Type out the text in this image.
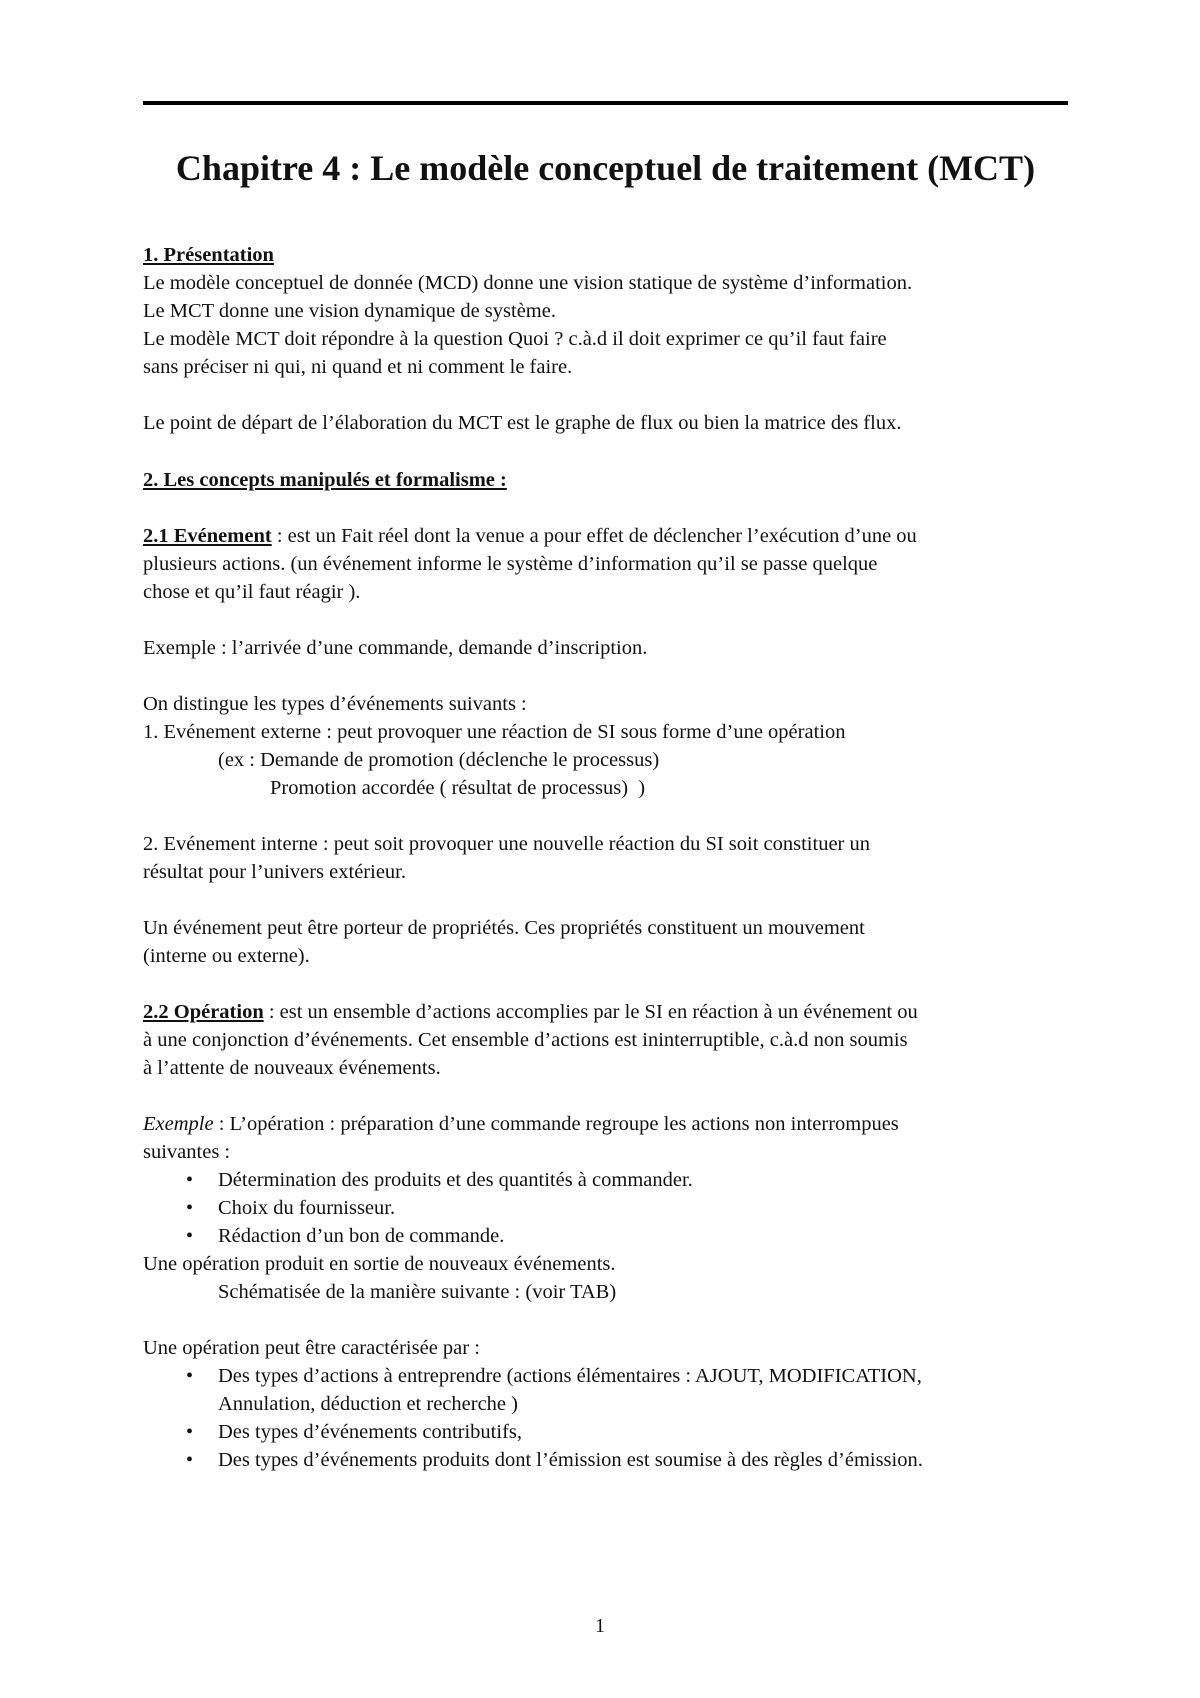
Chapitre 4 : Le modèle conceptuel de traitement (MCT)
1. Présentation
Le modèle conceptuel de donnée (MCD) donne une vision statique de système d’information.
Le MCT donne une vision dynamique de système.
Le modèle MCT doit répondre à la question Quoi ? c.à.d il doit exprimer ce qu’il faut faire
sans préciser ni qui, ni quand et ni comment le faire.
Le point de départ de l’élaboration du MCT est le graphe de flux ou bien la matrice des flux.
2. Les concepts manipulés et formalisme :
2.1 Evénement : est un Fait réel dont la venue a pour effet de déclencher l’exécution d’une ou
plusieurs actions. (un événement informe le système d’information qu’il se passe quelque
chose et qu’il faut réagir ).
Exemple : l’arrivée d’une commande, demande d’inscription.
On distingue les types d’événements suivants :
1. Evénement externe : peut provoquer une réaction de SI sous forme d’une opération
(ex : Demande de promotion (déclenche le processus)
Promotion accordée ( résultat de processus)  )
2. Evénement interne : peut soit provoquer une nouvelle réaction du SI soit constituer un
résultat pour l’univers extérieur.
Un événement peut être porteur de propriétés. Ces propriétés constituent un mouvement
(interne ou externe).
2.2 Opération : est un ensemble d’actions accomplies par le SI en réaction à un événement ou
à une conjonction d’événements. Cet ensemble d’actions est ininterruptible, c.à.d non soumis
à l’attente de nouveaux événements.
Exemple : L’opération : préparation d’une commande regroupe les actions non interrompues
suivantes :
• Détermination des produits et des quantités à commander.
• Choix du fournisseur.
• Rédaction d’un bon de commande.
Une opération produit en sortie de nouveaux événements.
Schématisée de la manière suivante : (voir TAB)
Une opération peut être caractérisée par :
• Des types d’actions à entreprendre (actions élémentaires : AJOUT, MODIFICATION,
Annulation, déduction et recherche )
• Des types d’événements contributifs,
• Des types d’événements produits dont l’émission est soumise à des règles d’émission.
1
